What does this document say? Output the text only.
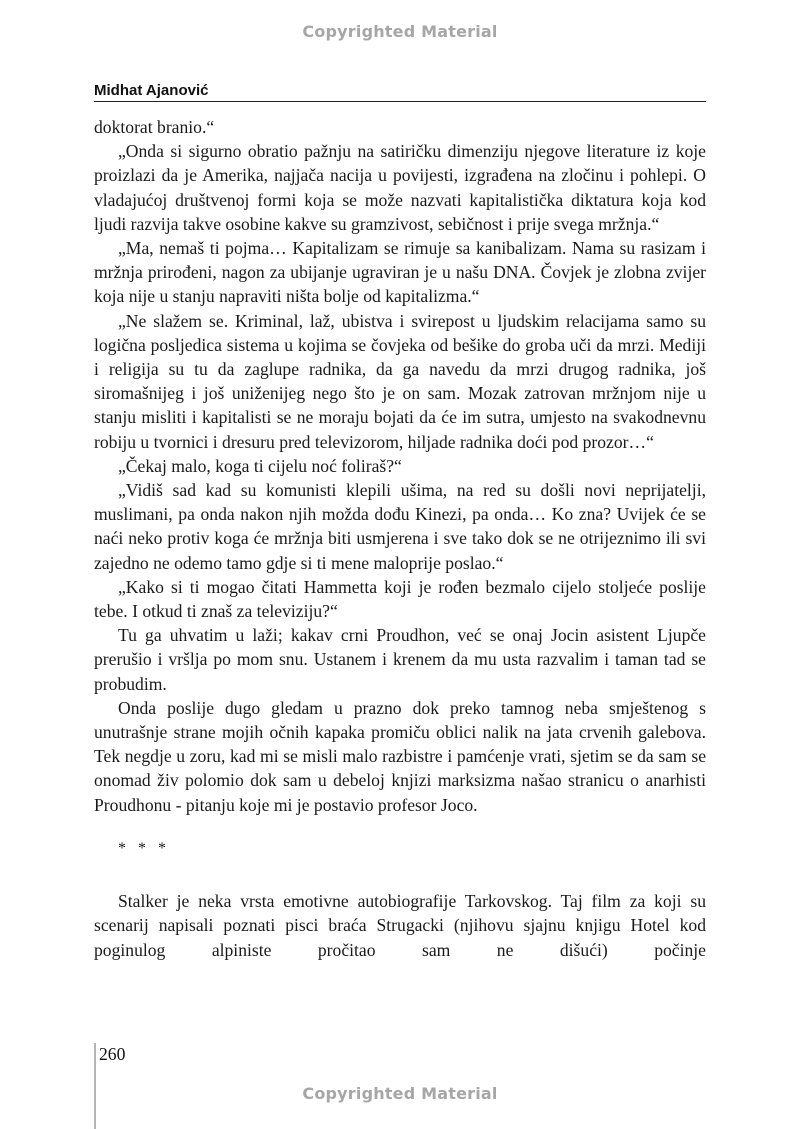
Copyrighted Material
Midhat Ajanović

doktorat branio.“

„Onda si sigurno obratio pažnju na satiričku dimenziju njegove literature iz koje proizlazi da je Amerika, najjača nacija u povijesti, izgrađena na zločinu i pohlepi. O vladajućoj društvenoj formi koja se može nazvati kapitalistička diktatura koja kod ljudi razvija takve osobine kakve su gramzivost, sebičnost i prije svega mržnja.“

„Ma, nemaš ti pojma… Kapitalizam se rimuje sa kanibalizam. Nama su rasizam i mržnja prirođeni, nagon za ubijanje ugraviran je u našu DNA. Čovjek je zlobna zvijer koja nije u stanju napraviti ništa bolje od kapitalizma.“

„Ne slažem se. Kriminal, laž, ubistva i svirepost u ljudskim relacijama samo su logična posljedica sistema u kojima se čovjeka od bešike do groba uči da mrzi. Mediji i religija su tu da zaglupe radnika, da ga navedu da mrzi drugog radnika, još siromašnijeg i još uniženijeg nego što je on sam. Mozak zatrovan mržnjom nije u stanju misliti i kapitalisti se ne moraju bojati da će im sutra, umjesto na svakodnevnu robiju u tvornici i dresuru pred televizorom, hiljade radnika doći pod prozor…“

„Čekaj malo, koga ti cijelu noć foliraš?“

„Vidiš sad kad su komunisti klepili ušima, na red su došli novi neprijatelji, muslimani, pa onda nakon njih možda dođu Kinezi, pa onda… Ko zna? Uvijek će se naći neko protiv koga će mržnja biti usmjerena i sve tako dok se ne otrijeznimo ili svi zajedno ne odemo tamo gdje si ti mene maloprije poslao.“

„Kako si ti mogao čitati Hammetta koji je rođen bezmalo cijelo stoljeće poslije tebe. I otkud ti znaš za televiziju?“

Tu ga uhvatim u laži; kakav crni Proudhon, već se onaj Jocin asistent Ljupče prerušio i vršlja po mom snu. Ustanem i krenem da mu usta razvalim i taman tad se probudim.

Onda poslije dugo gledam u prazno dok preko tamnog neba smještenog s unutrašnje strane mojih očnih kapaka promiču oblici nalik na jata crvenih galebova. Tek negdje u zoru, kad mi se misli malo razbistre i pamćenje vrati, sjetim se da sam se onomad živ polomio dok sam u debeloj knjizi marksizma našao stranicu o anarhisti Proudhonu - pitanju koje mi je postavio profesor Joco.

* * *

Stalker je neka vrsta emotivne autobiografije Tarkovskog. Taj film za koji su scenarij napisali poznati pisci braća Strugacki (njihovu sjajnu knjigu Hotel kod poginulog alpiniste pročitao sam ne dišući) počinje

260
Copyrighted Material
